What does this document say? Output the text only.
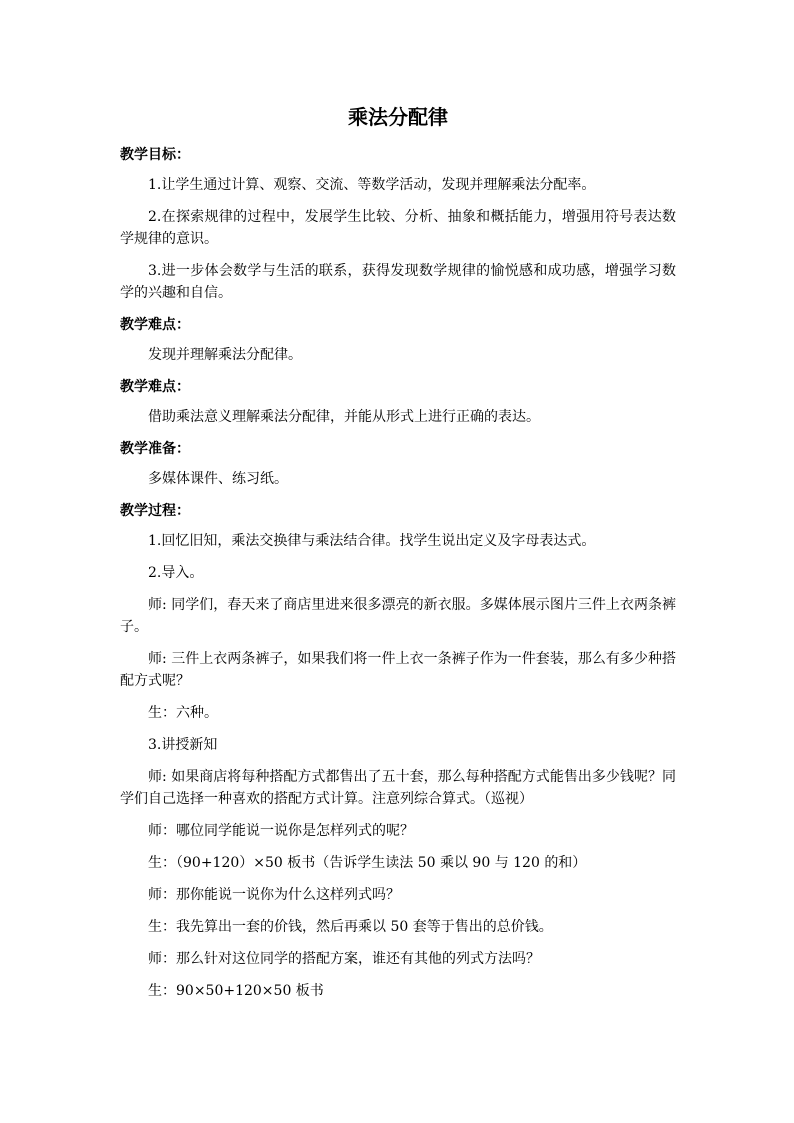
乘法分配律
教学目标：

1.让学生通过计算、观察、交流、等数学活动，发现并理解乘法分配率。

2.在探索规律的过程中，发展学生比较、分析、抽象和概括能力，增强用符号表达数学规律的意识。

3.进一步体会数学与生活的联系，获得发现数学规律的愉悦感和成功感，增强学习数学的兴趣和自信。

教学难点：

发现并理解乘法分配律。

教学难点：

借助乘法意义理解乘法分配律，并能从形式上进行正确的表达。

教学准备：

多媒体课件、练习纸。

教学过程：

1.回忆旧知，乘法交换律与乘法结合律。找学生说出定义及字母表达式。

2.导入。

师: 同学们，春天来了商店里进来很多漂亮的新衣服。多媒体展示图片三件上衣两条裤子。

师: 三件上衣两条裤子，如果我们将一件上衣一条裤子作为一件套装，那么有多少种搭配方式呢？

生：六种。

3.讲授新知

师: 如果商店将每种搭配方式都售出了五十套，那么每种搭配方式能售出多少钱呢？同学们自己选择一种喜欢的搭配方式计算。注意列综合算式。（巡视）

师：哪位同学能说一说你是怎样列式的呢？

生：（90+120）×50 板书（告诉学生读法 50 乘以 90 与 120 的和）

师：那你能说一说你为什么这样列式吗？

生：我先算出一套的价钱，然后再乘以 50 套等于售出的总价钱。

师：那么针对这位同学的搭配方案，谁还有其他的列式方法吗？

生：90×50+120×50 板书
